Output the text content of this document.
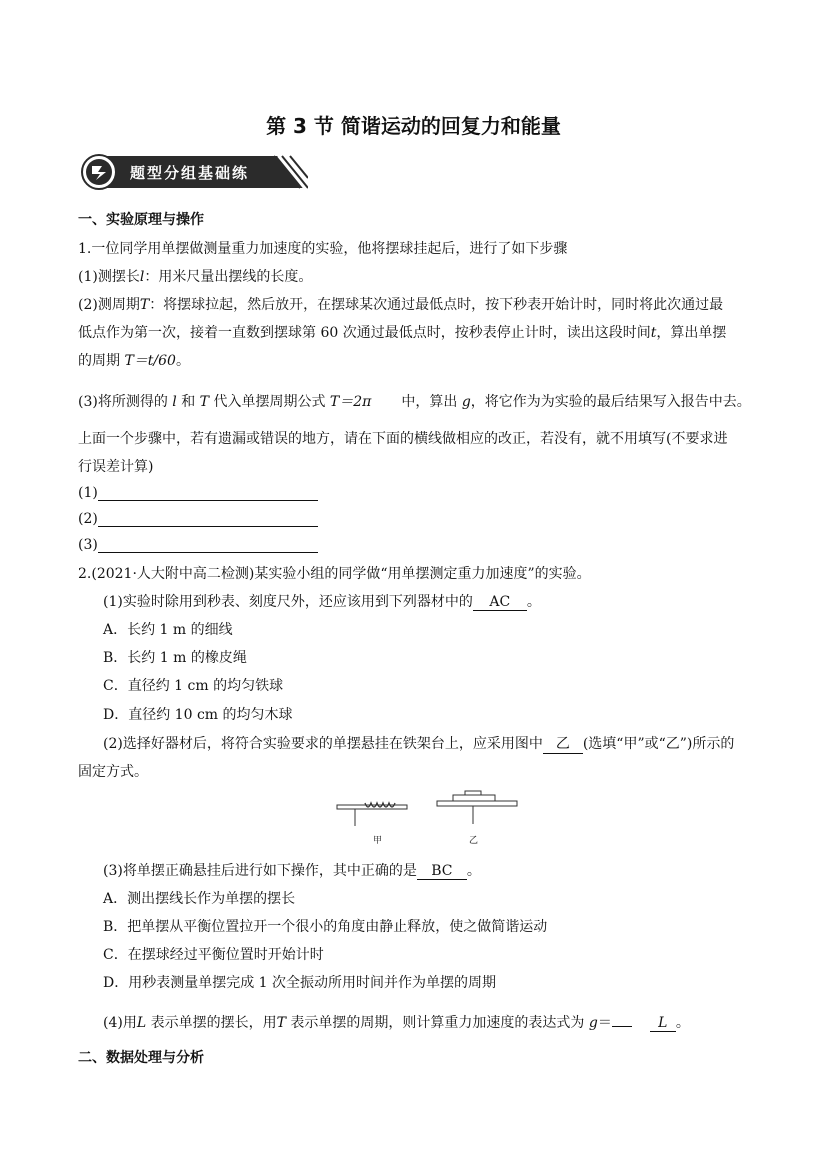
第 3 节 简谐运动的回复力和能量
题型分组基础练
一、实验原理与操作
1.一位同学用单摆做测量重力加速度的实验，他将摆球挂起后，进行了如下步骤
(1)测摆长l：用米尺量出摆线的长度。
(2)测周期T：将摆球拉起，然后放开，在摆球某次通过最低点时，按下秒表开始计时，同时将此次通过最
低点作为第一次，接着一直数到摆球第 60 次通过最低点时，按秒表停止计时，读出这段时间t，算出单摆
的周期 T＝t/60。
(3)将所测得的 l 和 T 代入单摆周期公式 T＝2π 中，算出 g，将它作为为实验的最后结果写入报告中去。
上面一个步骤中，若有遗漏或错误的地方，请在下面的横线做相应的改正，若没有，就不用填写(不要求进
行误差计算)
(1)
(2)
(3)
2.(2021·人大附中高二检测)某实验小组的同学做“用单摆测定重力加速度”的实验。
(1)实验时除用到秒表、刻度尺外，还应该用到下列器材中的 AC 。
A．长约 1 m 的细线
B．长约 1 m 的橡皮绳
C．直径约 1 cm 的均匀铁球
D．直径约 10 cm 的均匀木球
(2)选择好器材后，将符合实验要求的单摆悬挂在铁架台上，应采用图中 乙 (选填“甲”或“乙”)所示的
固定方式。
甲	乙
(3)将单摆正确悬挂后进行如下操作，其中正确的是 BC 。
A．测出摆线长作为单摆的摆长
B．把单摆从平衡位置拉开一个很小的角度由静止释放，使之做简谐运动
C．在摆球经过平衡位置时开始计时
D．用秒表测量单摆完成 1 次全振动所用时间并作为单摆的周期
(4)用L 表示单摆的摆长，用T 表示单摆的周期，则计算重力加速度的表达式为 g＝	L 。
二、数据处理与分析
